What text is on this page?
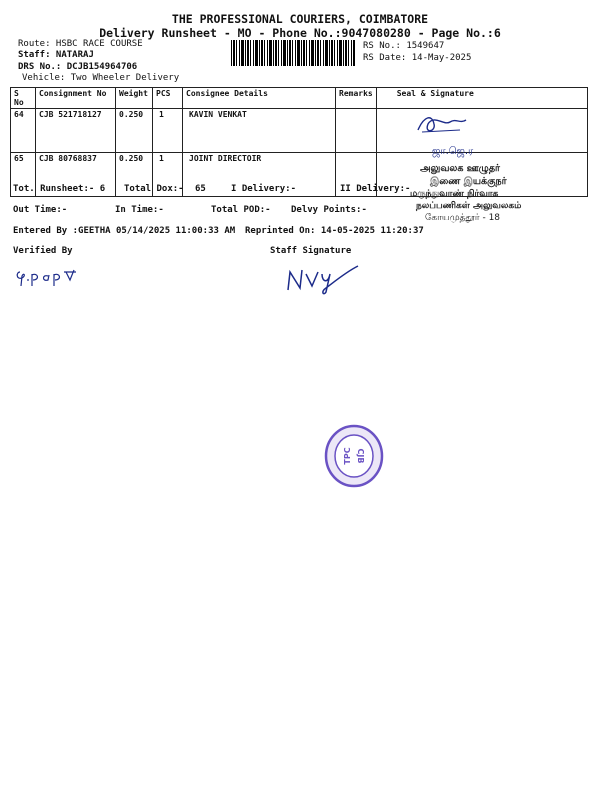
THE PROFESSIONAL COURIERS, COIMBATORE
Delivery Runsheet - MO - Phone No.:9047080280 - Page No.:6
Route: HSBC RACE COURSE
Staff: NATARAJ
DRS No.: DCJB154964706
Vehicle: Two Wheeler Delivery
RS No.: 1549647
RS Date: 14-May-2025
S No	Consignment No	Weight	PCS	Consignee Details	Remarks	Seal & Signature
64	CJB 521718127	0.250	1	KAVIN VENKAT		
65	CJB 80768837	0.250	1	JOINT DIRECTOIR		
Tot. Runsheet:- 6 Total Dox:- 65	I Delivery:-	II Delivery:-
Out Time:-	In Time:-	Total POD:- Delvy Points:-
Entered By :GEETHA 05/14/2025 11:00:33 AM Reprinted On: 14-05-2025 11:20:37
Verified By	Staff Signature
ஜா.ஜெ.ர
அலுவலக ஊழுதர்
இணை இயக்குநர்
மருந்துவாண் நிர்வாக
நலப்பணிகள் அலுவலகம்
கோயமுத்தூர் - 18
TPC CJB
